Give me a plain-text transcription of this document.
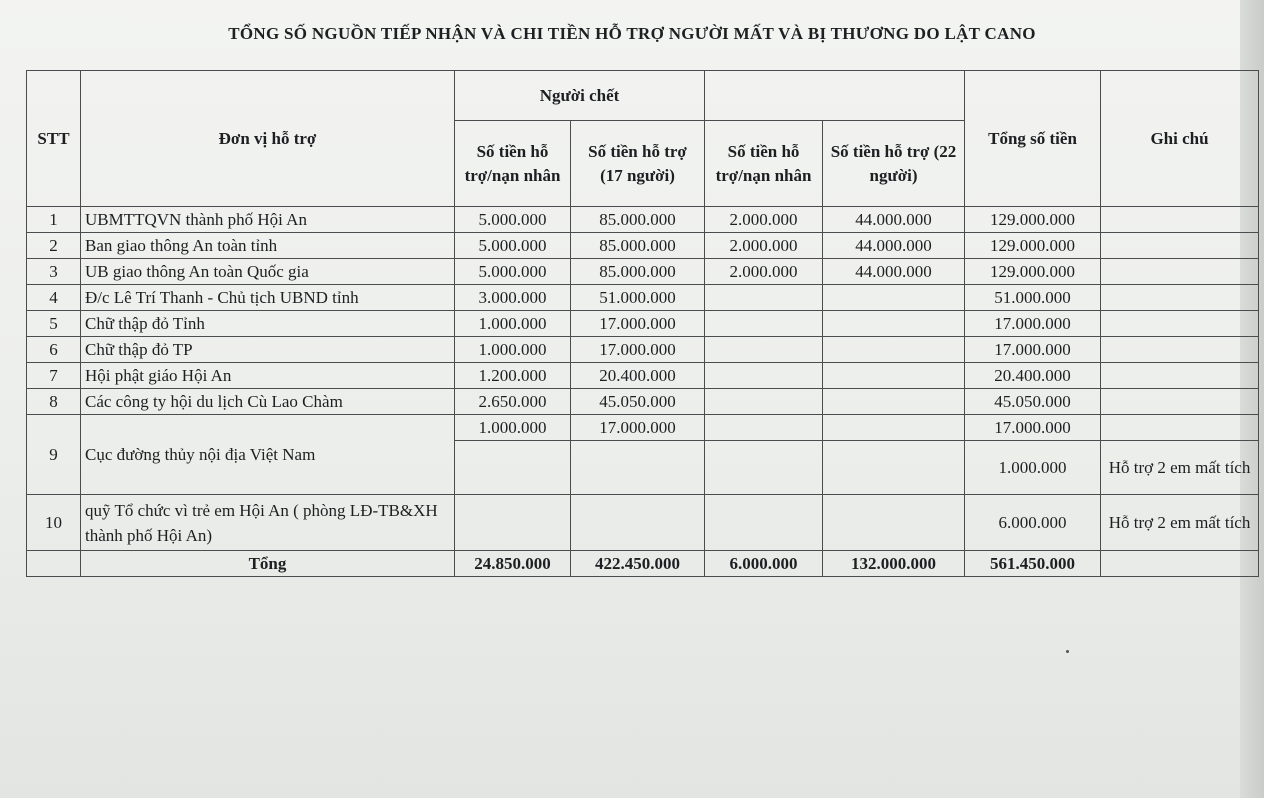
TỔNG SỐ NGUỒN TIẾP NHẬN VÀ CHI TIỀN HỖ TRỢ NGƯỜI MẤT VÀ BỊ THƯƠNG DO LẬT CANO
STT	Đơn vị hỗ trợ	Người chết				Tổng số tiền	Ghi chú
		Số tiền hỗ trợ/nạn nhân	Số tiền hỗ trợ (17 người)	Số tiền hỗ trợ/nạn nhân	Số tiền hỗ trợ (22 người)		
1	UBMTTQVN thành phố Hội An	5.000.000	85.000.000	2.000.000	44.000.000	129.000.000	
2	Ban giao thông An toàn tỉnh	5.000.000	85.000.000	2.000.000	44.000.000	129.000.000	
3	UB giao thông An toàn Quốc gia	5.000.000	85.000.000	2.000.000	44.000.000	129.000.000	
4	Đ/c Lê Trí Thanh - Chủ tịch UBND tỉnh	3.000.000	51.000.000			51.000.000	
5	Chữ thập đỏ Tỉnh	1.000.000	17.000.000			17.000.000	
6	Chữ thập đỏ TP	1.000.000	17.000.000			17.000.000	
7	Hội phật giáo Hội An	1.200.000	20.400.000			20.400.000	
8	Các công ty hội du lịch Cù Lao Chàm	2.650.000	45.050.000			45.050.000	
9	Cục đường thủy nội địa Việt Nam	1.000.000	17.000.000			17.000.000	
						1.000.000	Hỗ trợ 2 em mất tích
10	quỹ Tổ chức vì trẻ em Hội An ( phòng LĐ-TB&XH thành phố Hội An)					6.000.000	Hỗ trợ 2 em mất tích
	Tổng	24.850.000	422.450.000	6.000.000	132.000.000	561.450.000	
